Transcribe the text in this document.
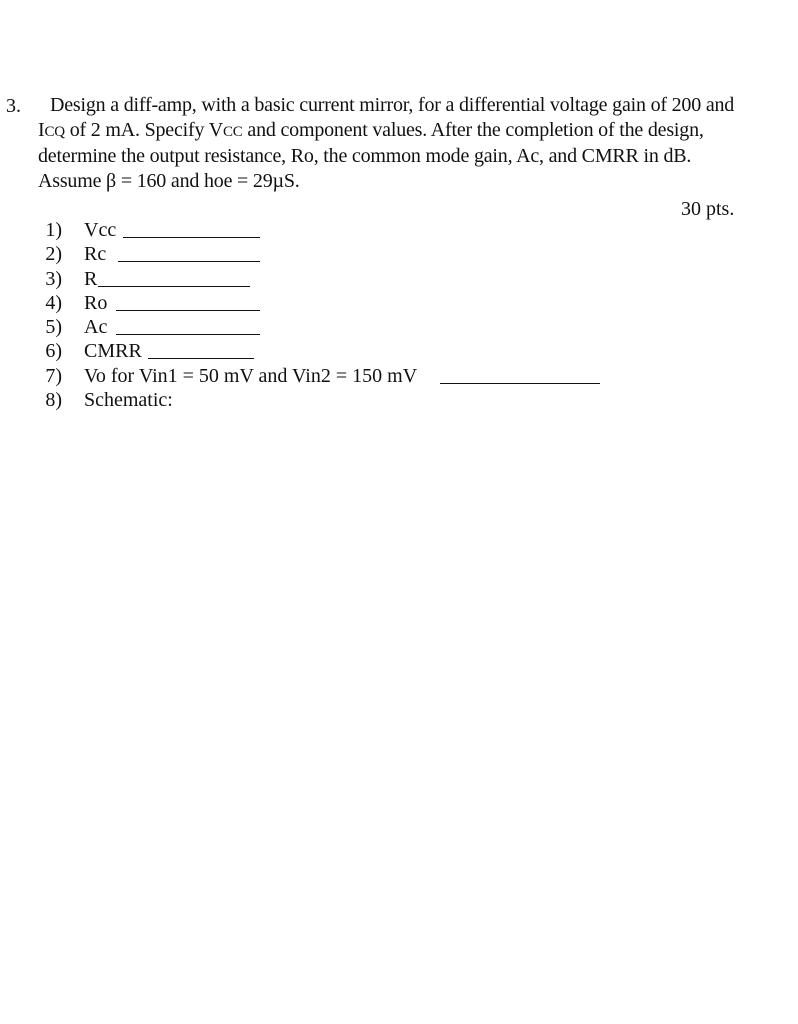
3.	Design a diff-amp, with a basic current mirror, for a differential voltage gain of 200 and
ICQ of 2 mA. Specify VCC and component values. After the completion of the design,
determine the output resistance, Ro, the common mode gain, Ac, and CMRR in dB.
Assume β = 160 and hoe = 29µS.
30 pts.
1) Vcc
2) Rc
3) R
4) Ro
5) Ac
6) CMRR
7) Vo for Vin1 = 50 mV and Vin2 = 150 mV
8) Schematic:
